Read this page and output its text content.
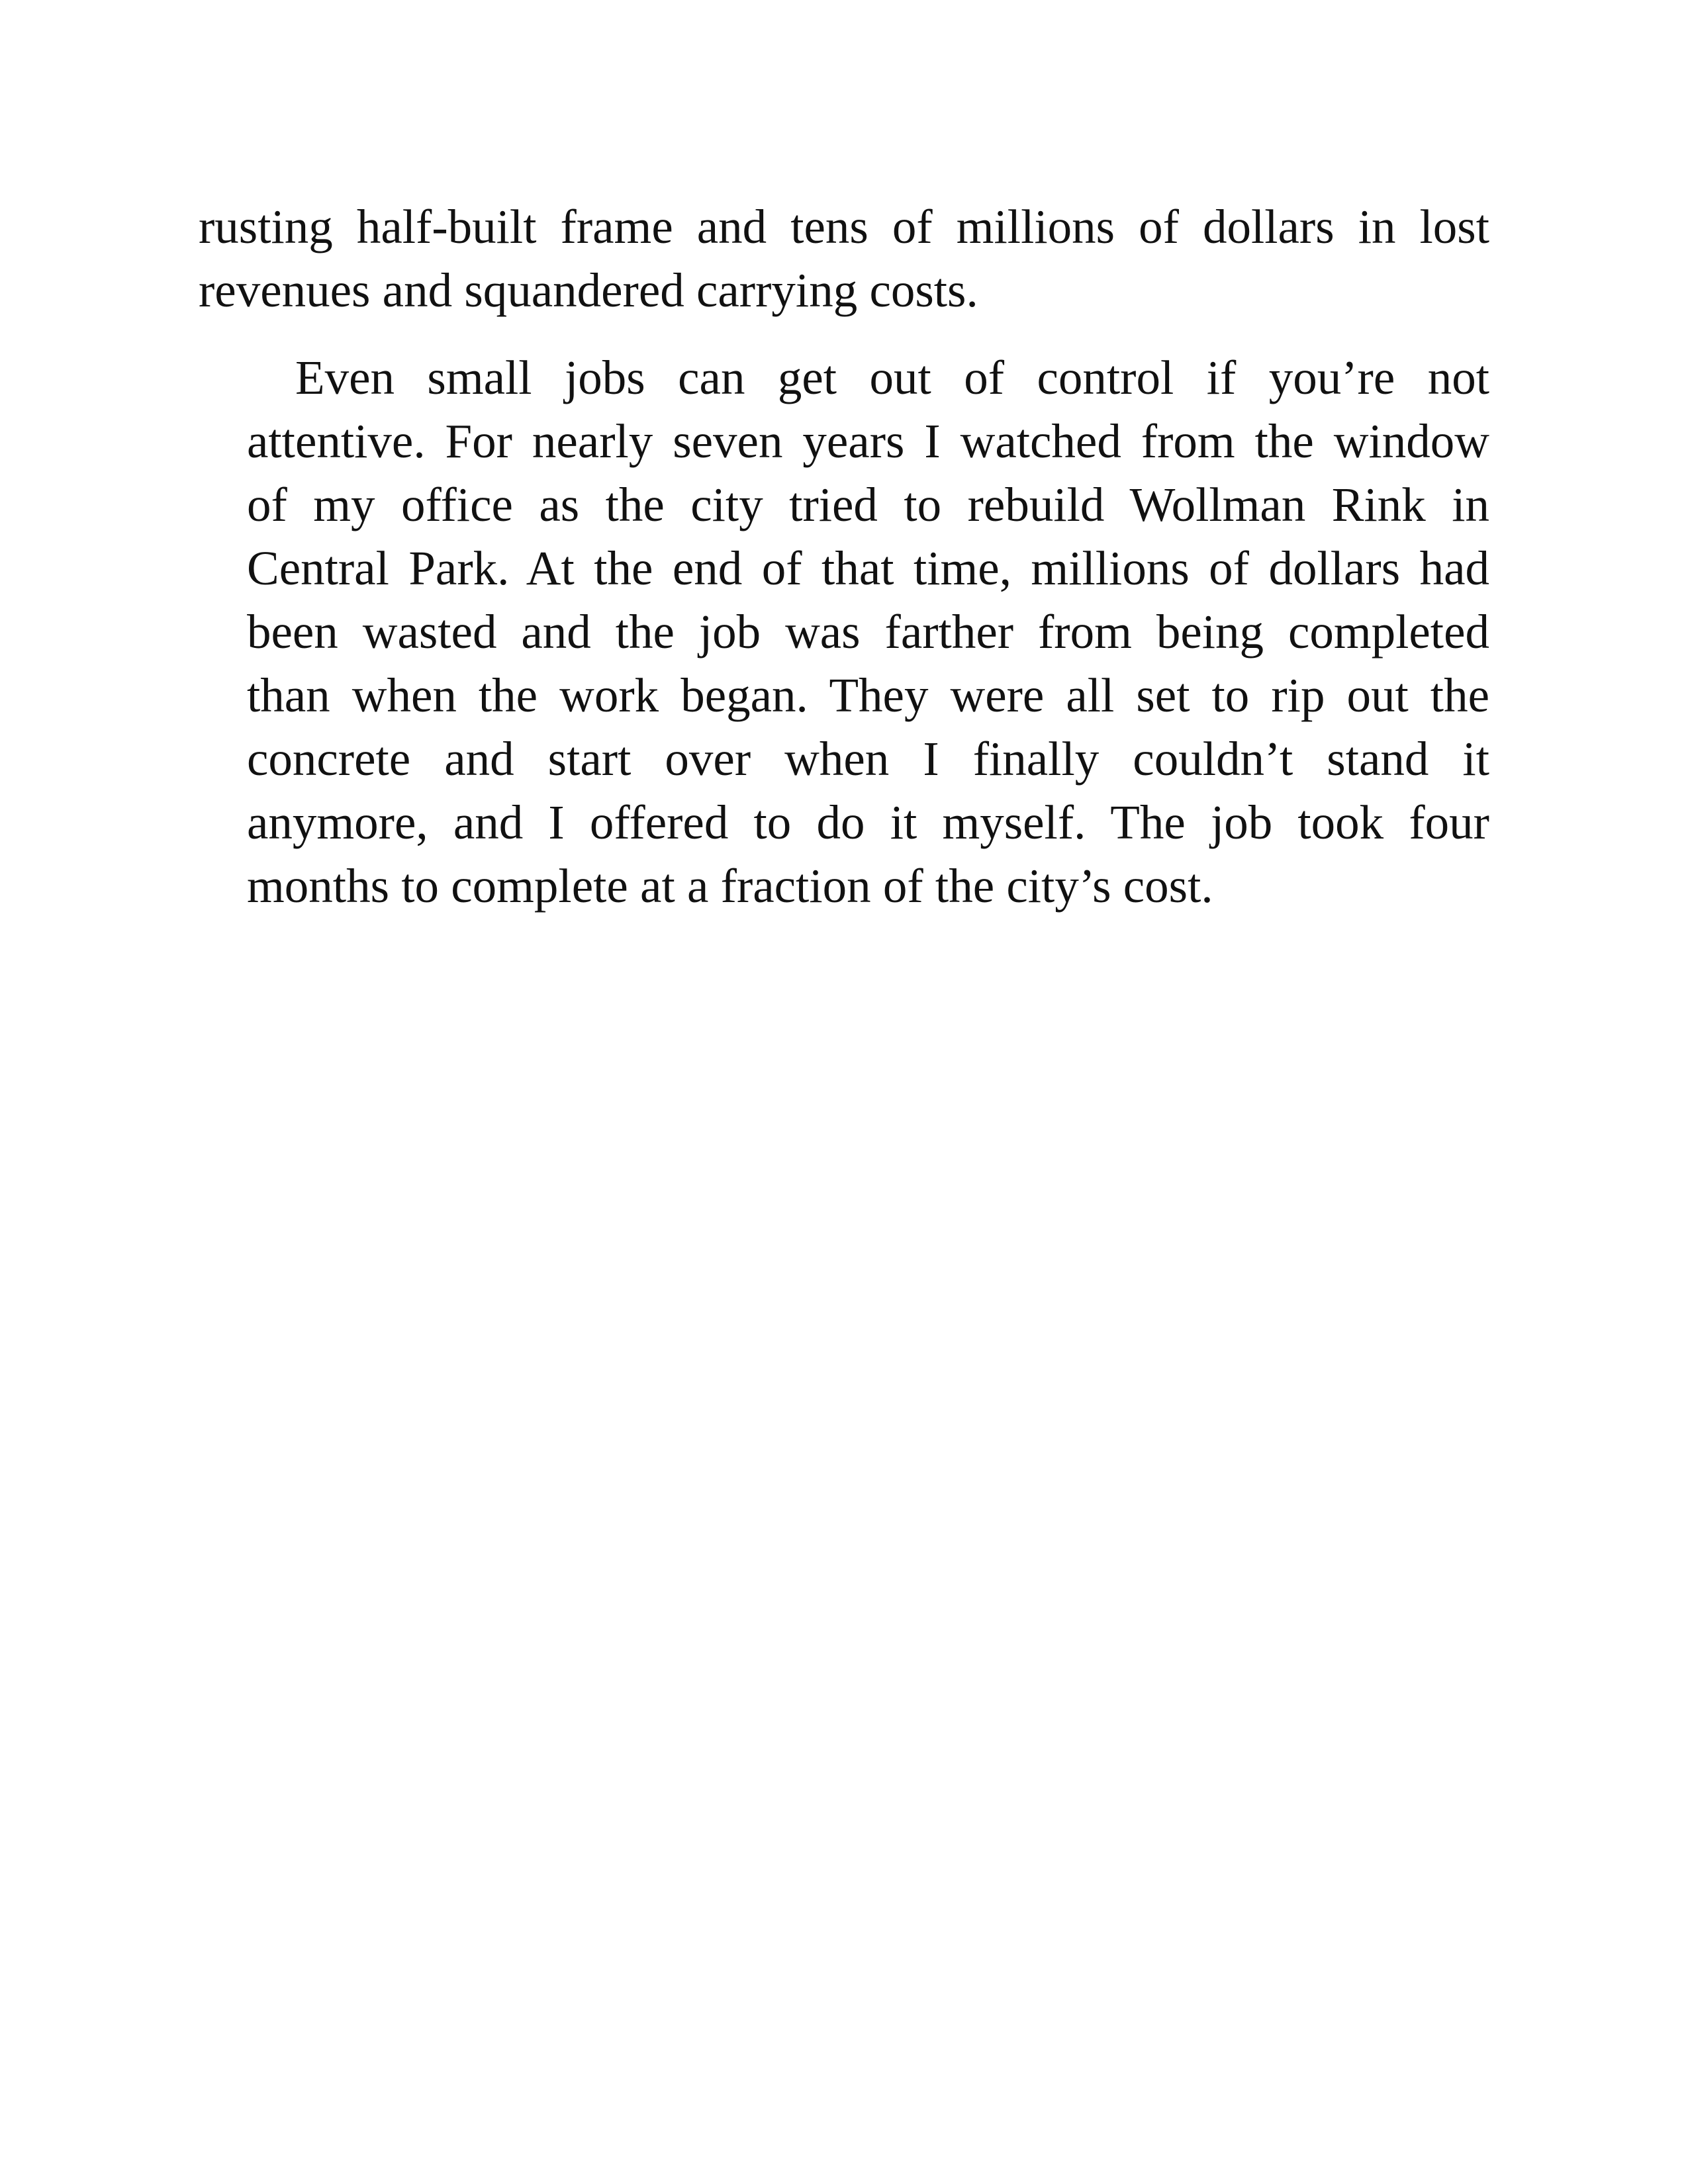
rusting half-built frame and tens of millions of dollars in lost
revenues and squandered carrying costs.
Even small jobs can get out of control if you’re not
attentive. For nearly seven years I watched from the window
of my office as the city tried to rebuild Wollman Rink in
Central Park. At the end of that time, millions of dollars had
been wasted and the job was farther from being completed
than when the work began. They were all set to rip out the
concrete and start over when I finally couldn’t stand it
anymore, and I offered to do it myself. The job took four
months to complete at a fraction of the city’s cost.
